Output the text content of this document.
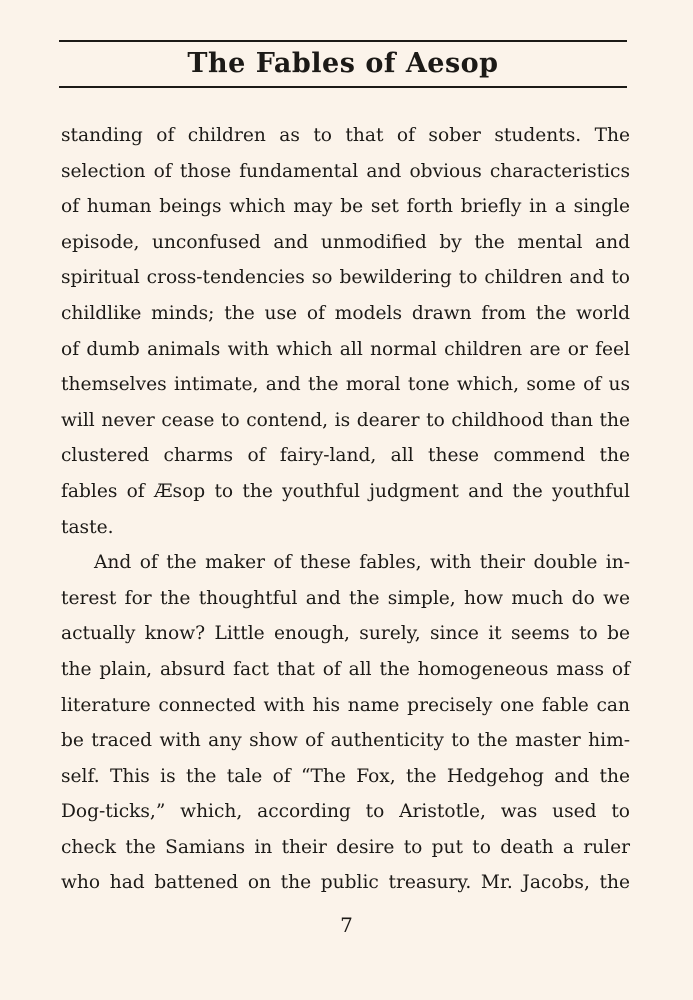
The Fables of Aesop
standing of children as to that of sober students. The
selection of those fundamental and obvious characteristics
of human beings which may be set forth briefly in a single
episode, unconfused and unmodified by the mental and
spiritual cross-tendencies so bewildering to children and to
childlike minds; the use of models drawn from the world
of dumb animals with which all normal children are or feel
themselves intimate, and the moral tone which, some of us
will never cease to contend, is dearer to childhood than the
clustered charms of fairy-land, all these commend the
fables of Æsop to the youthful judgment and the youthful
taste.
And of the maker of these fables, with their double in-
terest for the thoughtful and the simple, how much do we
actually know? Little enough, surely, since it seems to be
the plain, absurd fact that of all the homogeneous mass of
literature connected with his name precisely one fable can
be traced with any show of authenticity to the master him-
self. This is the tale of “The Fox, the Hedgehog and the
Dog-ticks,” which, according to Aristotle, was used to
check the Samians in their desire to put to death a ruler
who had battened on the public treasury. Mr. Jacobs, the
7
